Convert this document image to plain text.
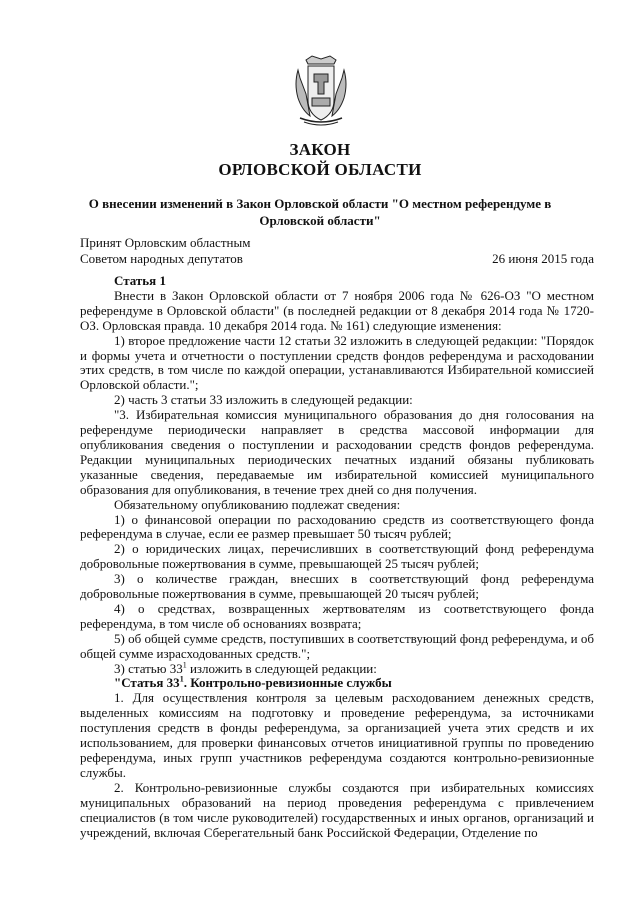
ЗАКОН
ОРЛОВСКОЙ ОБЛАСТИ
О внесении изменений в Закон Орловской области "О местном референдуме в Орловской области"
Принят Орловским областным
Советом народных депутатов	26 июня 2015 года

Статья 1

Внести в Закон Орловской области от 7 ноября 2006 года № 626-ОЗ "О местном референдуме в Орловской области" (в последней редакции от 8 декабря 2014 года № 1720-ОЗ. Орловская правда. 10 декабря 2014 года. № 161) следующие изменения:

1) второе предложение части 12 статьи 32 изложить в следующей редакции: "Порядок и формы учета и отчетности о поступлении средств фондов референдума и расходовании этих средств, в том числе по каждой операции, устанавливаются Избирательной комиссией Орловской области.";

2) часть 3 статьи 33 изложить в следующей редакции:

"3. Избирательная комиссия муниципального образования до дня голосования на референдуме периодически направляет в средства массовой информации для опубликования сведения о поступлении и расходовании средств фондов референдума. Редакции муниципальных периодических печатных изданий обязаны публиковать указанные сведения, передаваемые им избирательной комиссией муниципального образования для опубликования, в течение трех дней со дня получения.

Обязательному опубликованию подлежат сведения:

1) о финансовой операции по расходованию средств из соответствующего фонда референдума в случае, если ее размер превышает 50 тысяч рублей;

2) о юридических лицах, перечисливших в соответствующий фонд референдума добровольные пожертвования в сумме, превышающей 25 тысяч рублей;

3) о количестве граждан, внесших в соответствующий фонд референдума добровольные пожертвования в сумме, превышающей 20 тысяч рублей;

4) о средствах, возвращенных жертвователям из соответствующего фонда референдума, в том числе об основаниях возврата;

5) об общей сумме средств, поступивших в соответствующий фонд референдума, и об общей сумме израсходованных средств.";

3) статью $33^1$ изложить в следующей редакции:

"Статья $33^1$. Контрольно-ревизионные службы

1. Для осуществления контроля за целевым расходованием денежных средств, выделенных комиссиям на подготовку и проведение референдума, за источниками поступления средств в фонды референдума, за организацией учета этих средств и их использованием, для проверки финансовых отчетов инициативной группы по проведению референдума, иных групп участников референдума создаются контрольно-ревизионные службы.

2. Контрольно-ревизионные службы создаются при избирательных комиссиях муниципальных образований на период проведения референдума с привлечением специалистов (в том числе руководителей) государственных и иных органов, организаций и учреждений, включая Сберегательный банк Российской Федерации, Отделение по
